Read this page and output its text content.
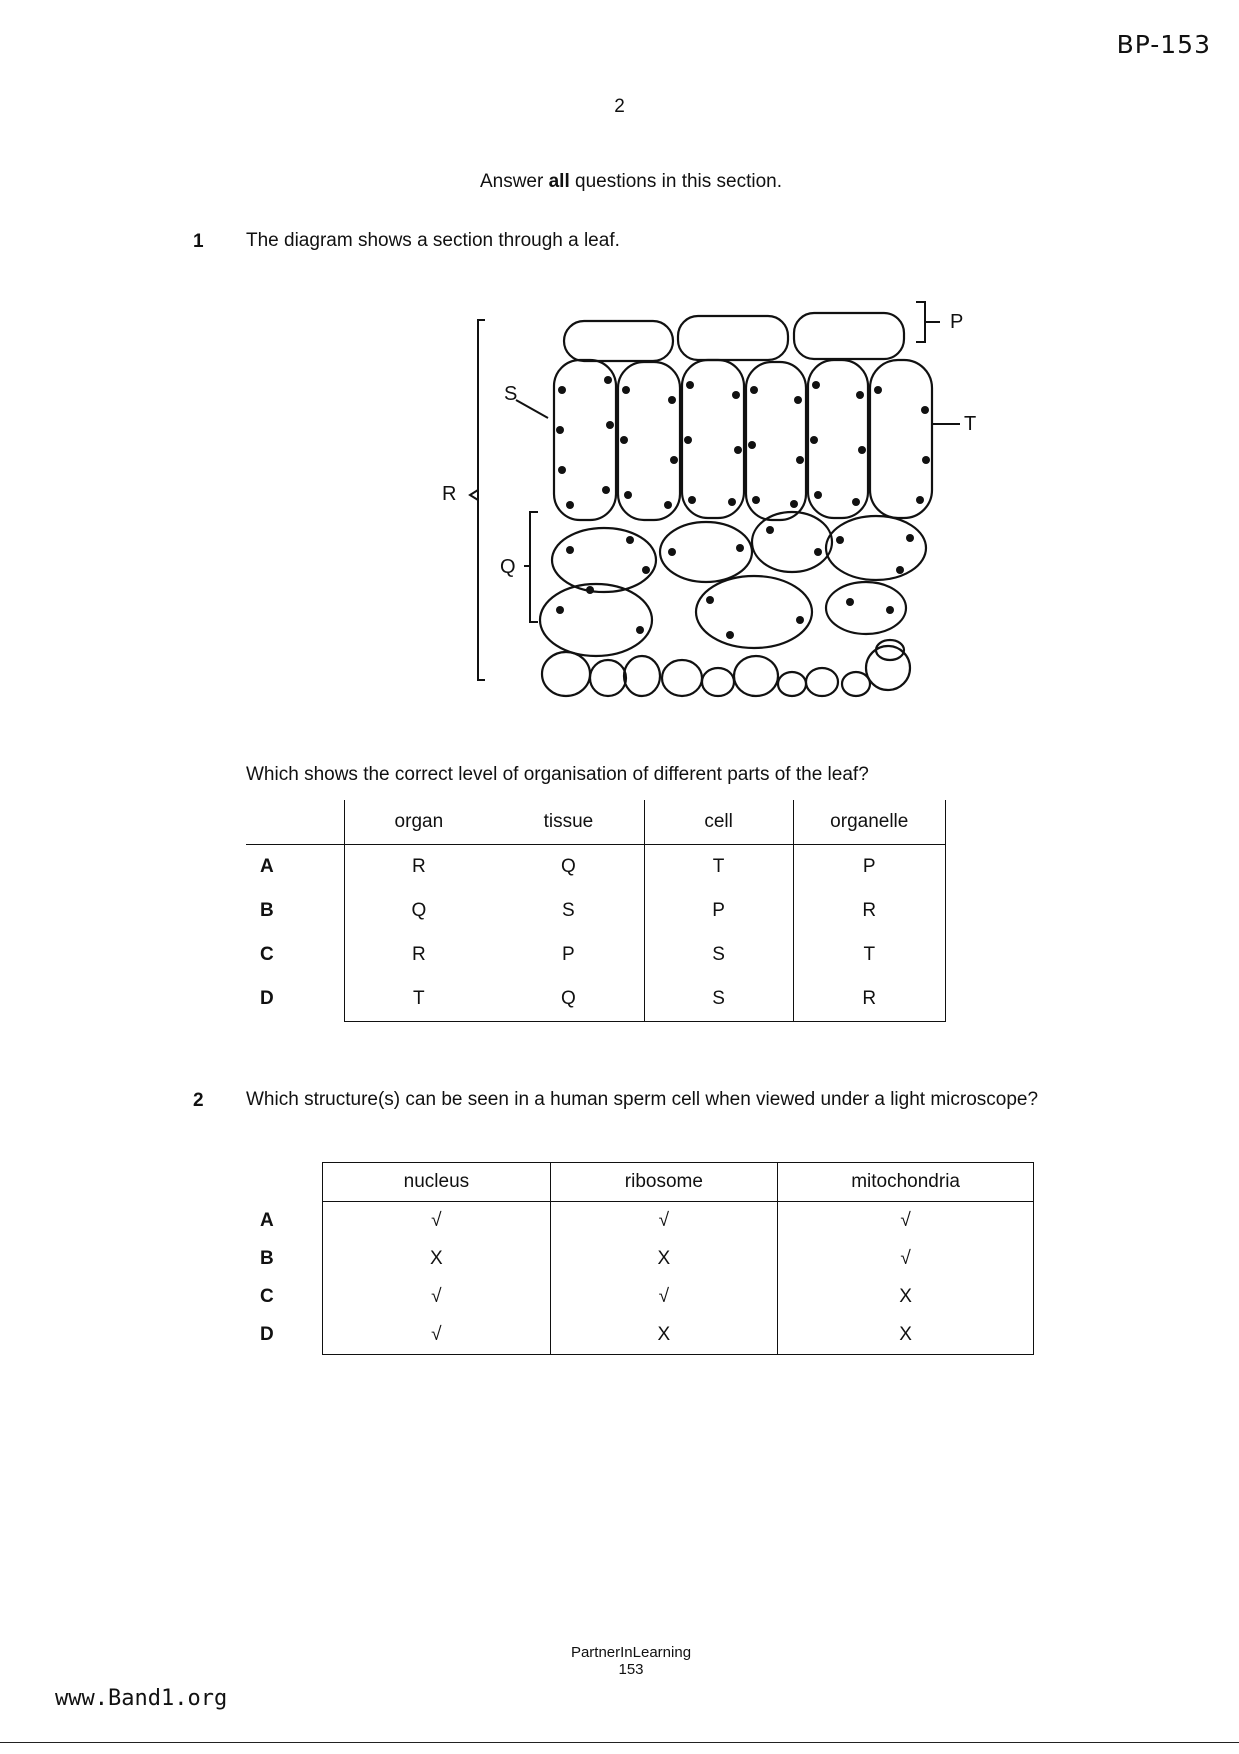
BP-153
2
Answer all questions in this section.
1 The diagram shows a section through a leaf.
P
S
T
R
Q
Which shows the correct level of organisation of different parts of the leaf?
	organ	tissue	cell	organelle
A	R	Q	T	P
B	Q	S	P	R
C	R	P	S	T
D	T	Q	S	R
2 Which structure(s) can be seen in a human sperm cell when viewed under a light microscope?
	nucleus	ribosome	mitochondria
A	√	√	√
B	X	X	√
C	√	√	X
D	√	X	X
PartnerInLearning
153
www.Band1.org
